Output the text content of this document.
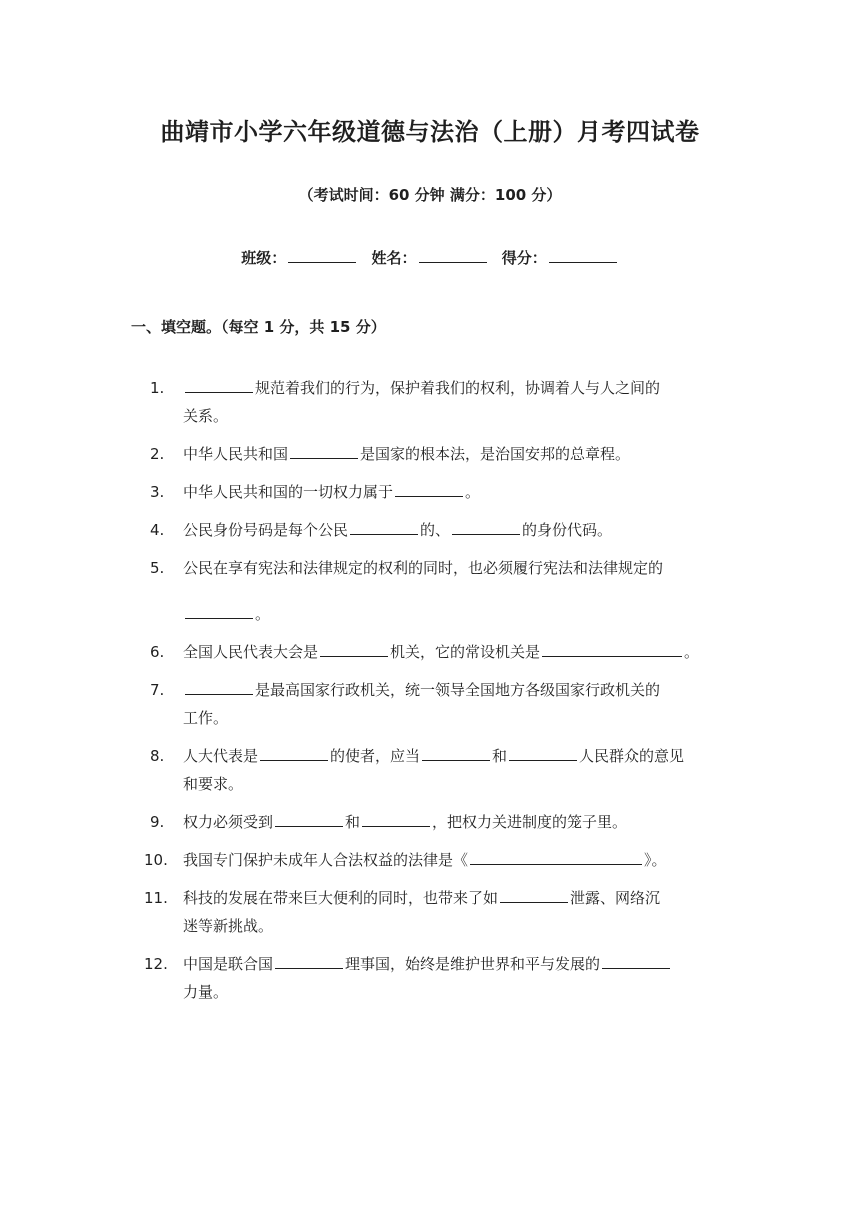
曲靖市小学六年级道德与法治（上册）月考四试卷
（考试时间：60 分钟 满分：100 分）
班级：	姓名：	得分：
一、填空题。（每空 1 分，共 15 分）
1.	规范着我们的行为，保护着我们的权利，协调着人与人之间的
关系。
2.	中华人民共和国	是国家的根本法，是治国安邦的总章程。
3.	中华人民共和国的一切权力属于	。
4.	公民身份号码是每个公民	的、	的身份代码。
5.	公民在享有宪法和法律规定的权利的同时，也必须履行宪法和法律规定的
。
6.	全国人民代表大会是	机关，它的常设机关是	。
7.	是最高国家行政机关，统一领导全国地方各级国家行政机关的
工作。
8.	人大代表是	的使者，应当	和	人民群众的意见
和要求。
9.	权力必须受到	和	，把权力关进制度的笼子里。
10.	我国专门保护未成年人合法权益的法律是《	》。
11.	科技的发展在带来巨大便利的同时，也带来了如	泄露、网络沉
迷等新挑战。
12.	中国是联合国	理事国，始终是维护世界和平与发展的
力量。
